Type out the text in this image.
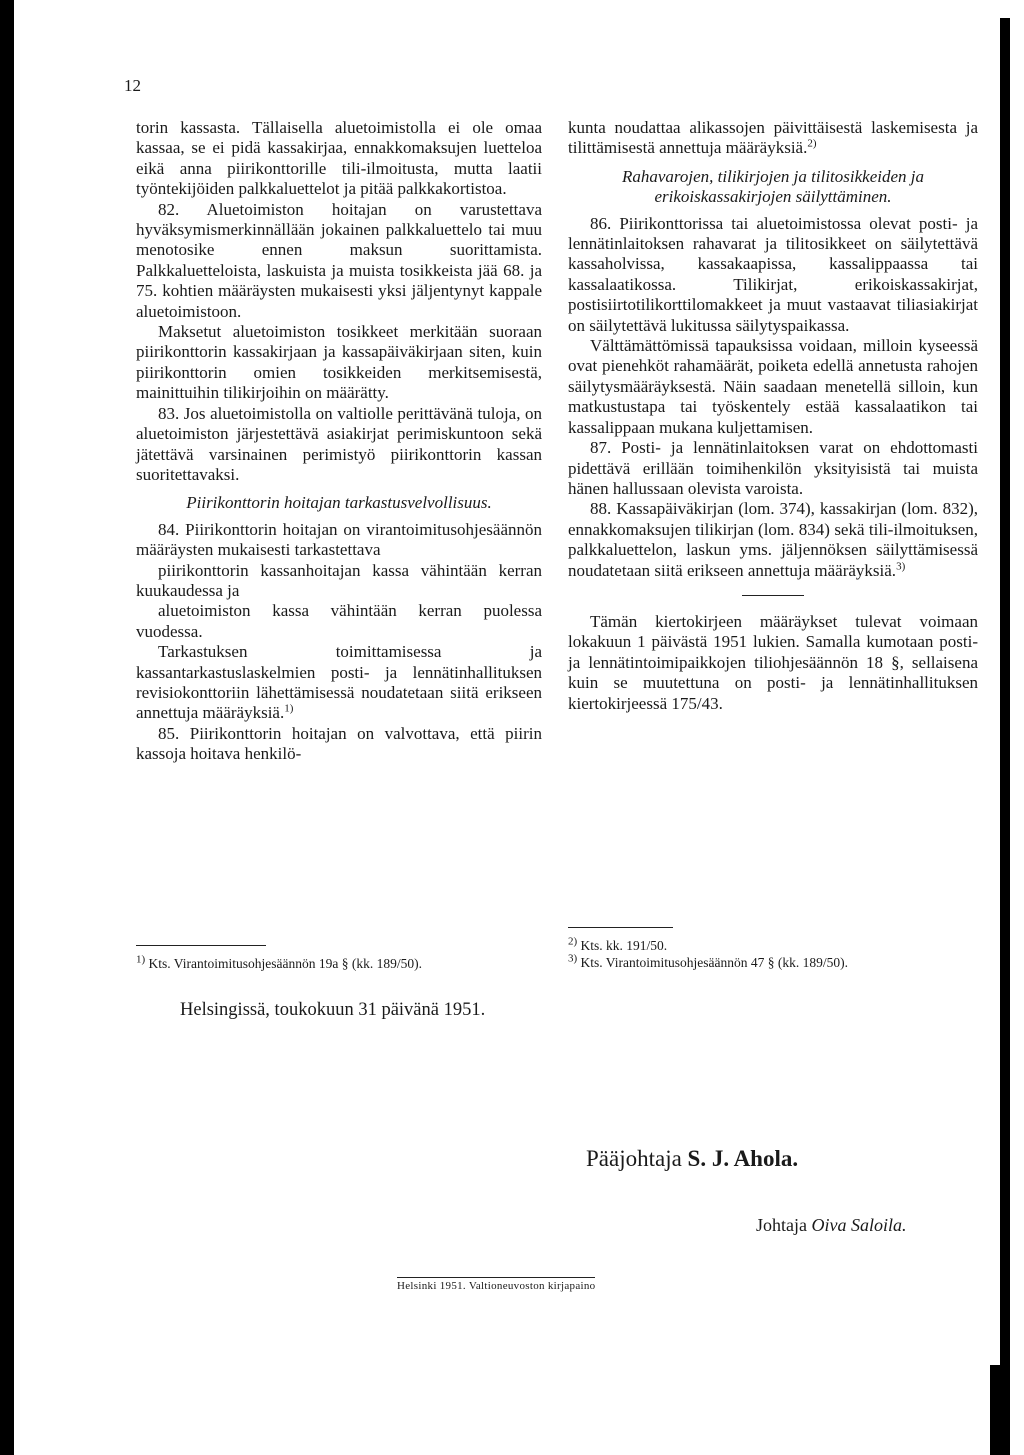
12

torin kassasta. Tällaisella aluetoimistolla ei ole omaa kassaa, se ei pidä kassakirjaa, ennakkomaksujen luetteloa eikä anna piirikonttorille tili-ilmoitusta, mutta laatii työntekijöiden palkkaluettelot ja pitää palkkakortistoa.

82. Aluetoimiston hoitajan on varustettava hyväksymismerkinnällään jokainen palkkaluettelo tai muu menotosike ennen maksun suorittamista. Palkkaluetteloista, laskuista ja muista tosikkeista jää 68. ja 75. kohtien määräysten mukaisesti yksi jäljentynyt kappale aluetoimistoon.

Maksetut aluetoimiston tosikkeet merkitään suoraan piirikonttorin kassakirjaan ja kassapäiväkirjaan siten, kuin piirikonttorin omien tosikkeiden merkitsemisestä, mainittuihin tilikirjoihin on määrätty.

83. Jos aluetoimistolla on valtiolle perittävänä tuloja, on aluetoimiston järjestettävä asiakirjat perimiskuntoon sekä jätettävä varsinainen perimistyö piirikonttorin kassan suoritettavaksi.

Piirikonttorin hoitajan tarkastusvelvollisuus.

84. Piirikonttorin hoitajan on virantoimitusohjesäännön määräysten mukaisesti tarkastettava

piirikonttorin kassanhoitajan kassa vähintään kerran kuukaudessa ja

aluetoimiston kassa vähintään kerran puolessa vuodessa.

Tarkastuksen toimittamisessa ja kassantarkastuslaskelmien posti- ja lennätinhallituksen revisiokonttoriin lähettämisessä noudatetaan siitä erikseen annettuja määräyksiä.$^{1)}$

85. Piirikonttorin hoitajan on valvottava, että piirin kassoja hoitava henkilö-

kunta noudattaa alikassojen päivittäisestä laskemisesta ja tilittämisestä annettuja määräyksiä.$^{2)}$

Rahavarojen, tilikirjojen ja tilitosikkeiden ja erikoiskassakirjojen säilyttäminen.

86. Piirikonttorissa tai aluetoimistossa olevat posti- ja lennätinlaitoksen rahavarat ja tilitosikkeet on säilytettävä kassaholvissa, kassakaapissa, kassalippaassa tai kassalaatikossa. Tilikirjat, erikoiskassakirjat, postisiirtotilikorttilomakkeet ja muut vastaavat tiliasiakirjat on säilytettävä lukitussa säilytyspaikassa.

Välttämättömissä tapauksissa voidaan, milloin kyseessä ovat pienehköt rahamäärät, poiketa edellä annetusta rahojen säilytysmääräyksestä. Näin saadaan menetellä silloin, kun matkustustapa tai työskentely estää kassalaatikon tai kassalippaan mukana kuljettamisen.

87. Posti- ja lennätinlaitoksen varat on ehdottomasti pidettävä erillään toimihenkilön yksityisistä tai muista hänen hallussaan olevista varoista.

88. Kassapäiväkirjan (lom. 374), kassakirjan (lom. 832), ennakkomaksujen tilikirjan (lom. 834) sekä tili-ilmoituksen, palkkaluettelon, laskun yms. jäljennöksen säilyttämisessä noudatetaan siitä erikseen annettuja määräyksiä.$^{3)}$

Tämän kiertokirjeen määräykset tulevat voimaan lokakuun 1 päivästä 1951 lukien. Samalla kumotaan posti- ja lennätintoimipaikkojen tiliohjesäännön 18 §, sellaisena kuin se muutettuna on posti- ja lennätinhallituksen kiertokirjeessä 175/43.

$^{1)}$ Kts. Virantoimitusohjesäännön 19a § (kk. 189/50).

$^{2)}$ Kts. kk. 191/50.

$^{3)}$ Kts. Virantoimitusohjesäännön 47 § (kk. 189/50).

Helsingissä, toukokuun 31 päivänä 1951.
Pääjohtaja S. J. Ahola.
Johtaja Oiva Saloila.
Helsinki 1951. Valtioneuvoston kirjapaino
